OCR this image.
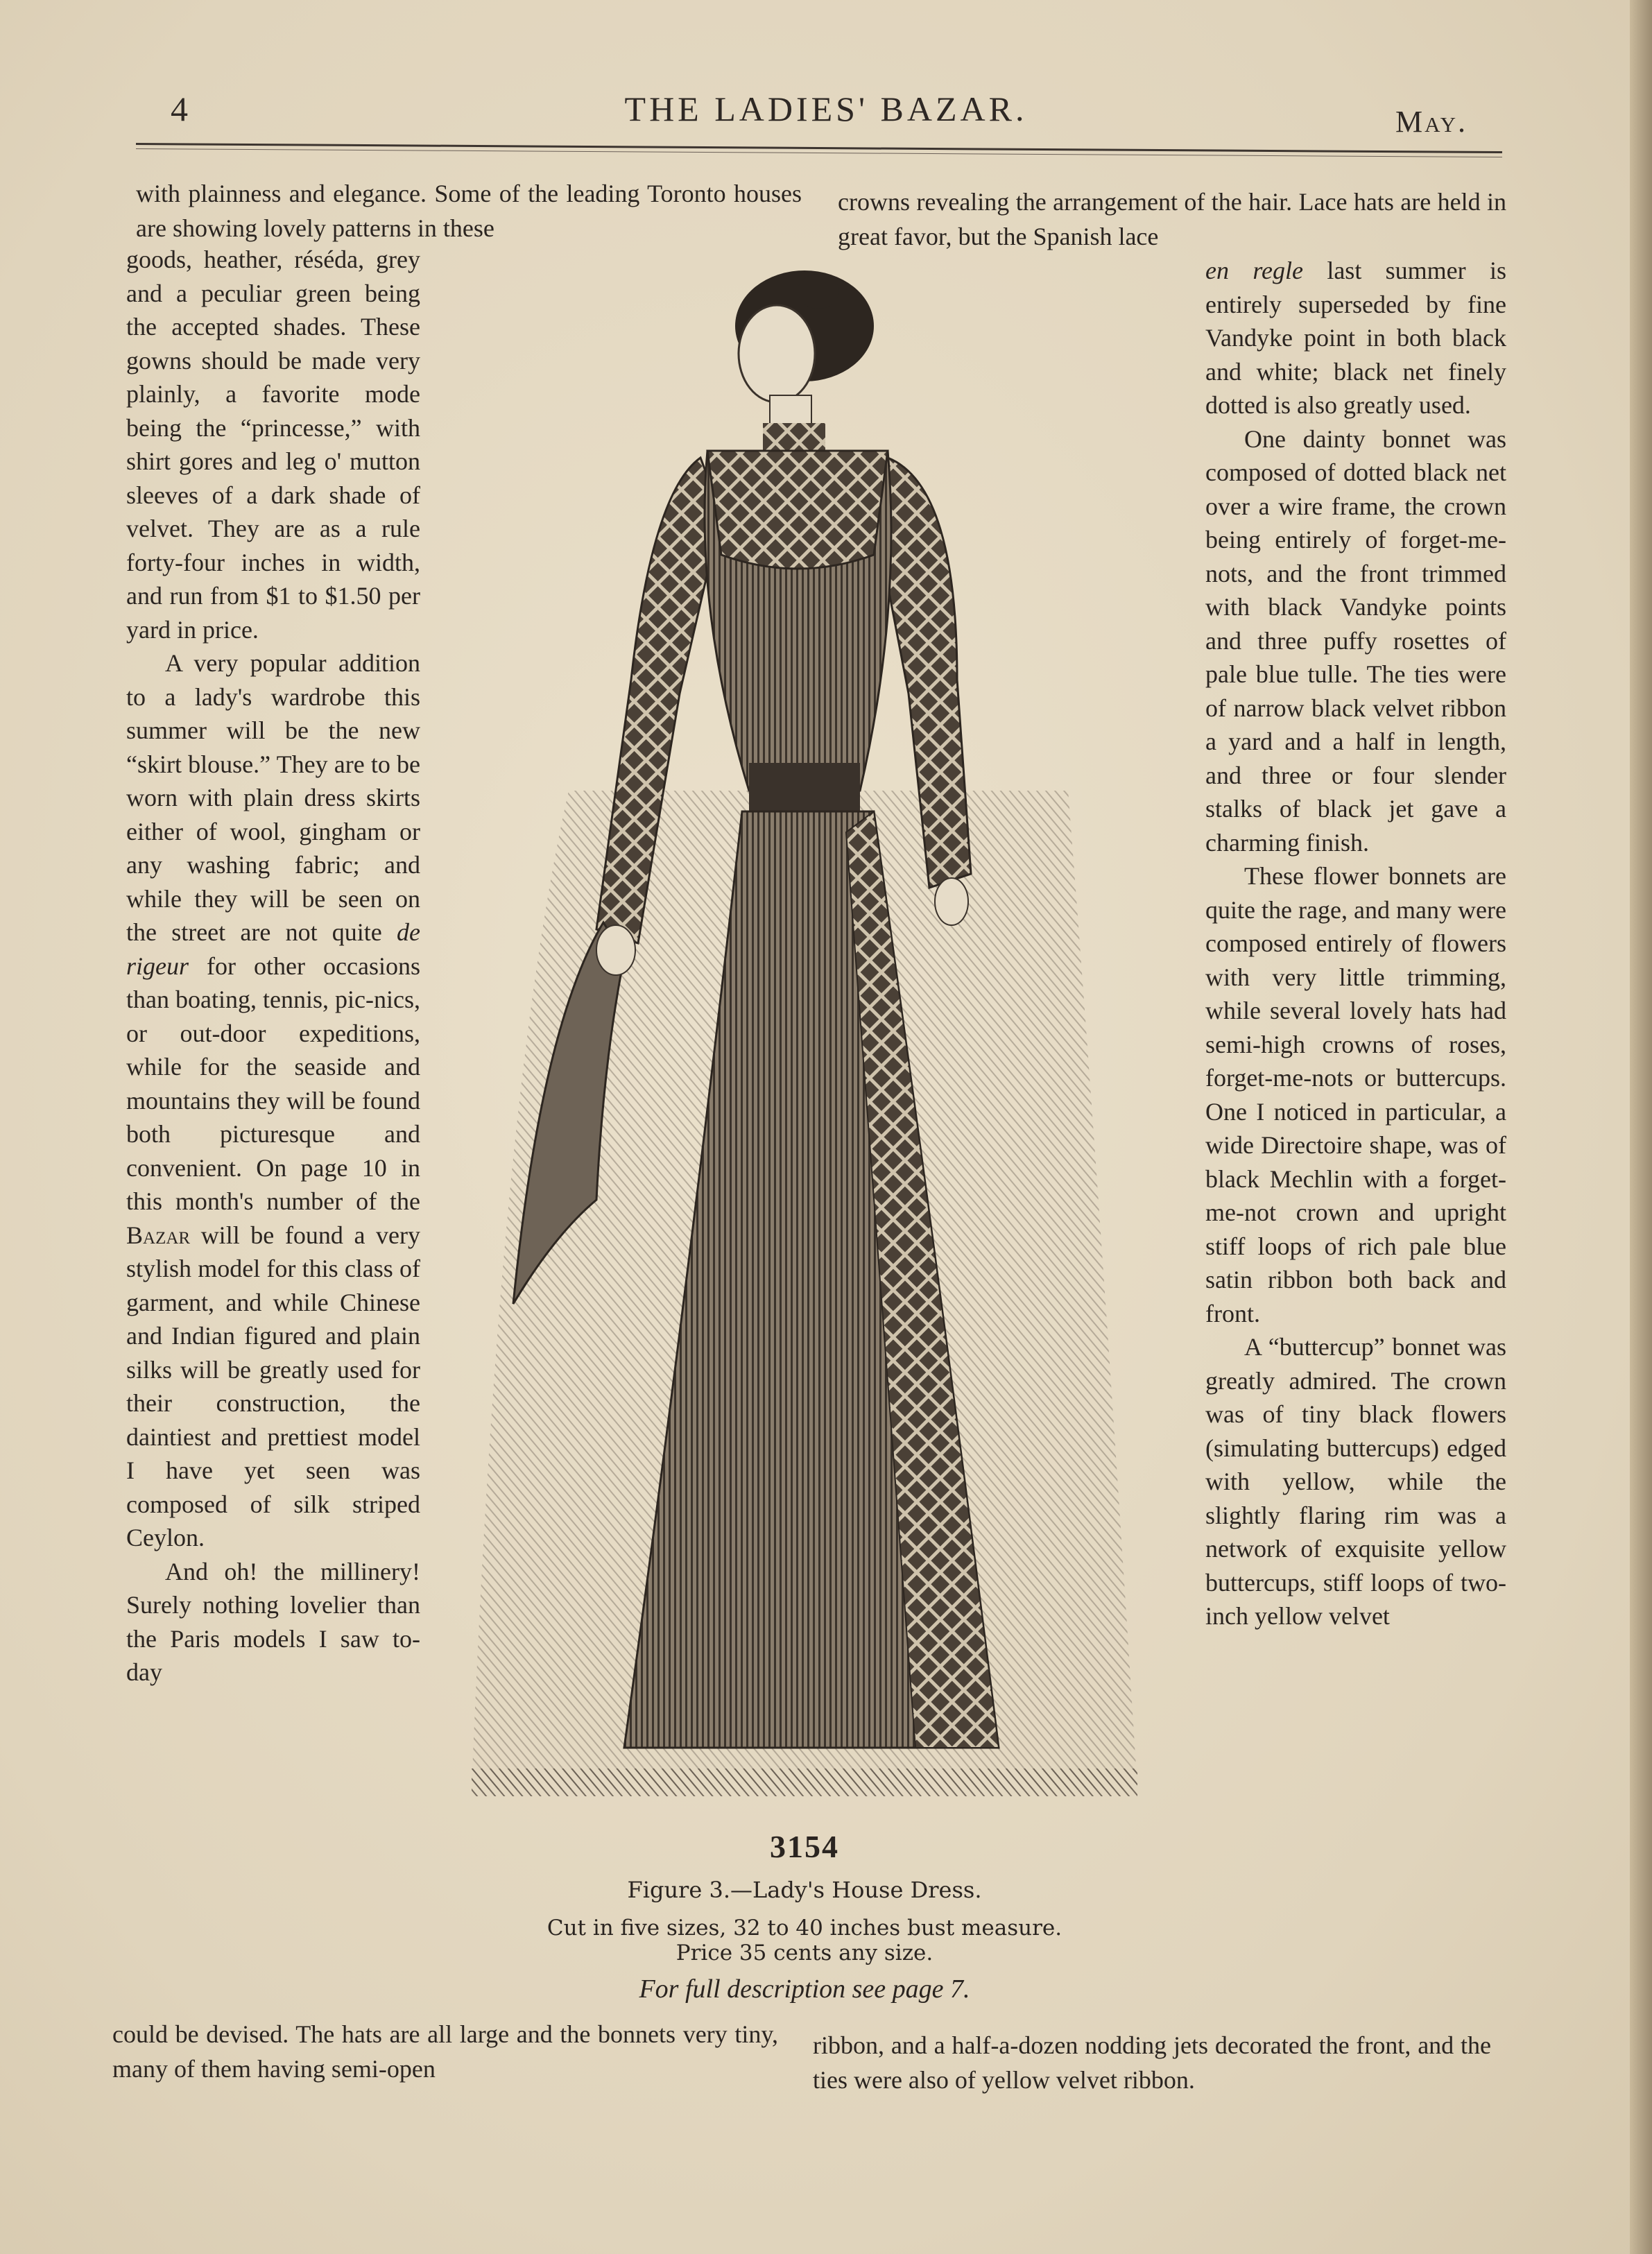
4	THE LADIES' BAZAR.	May.

with plainness and elegance. Some of the leading Toronto houses are showing lovely patterns in these

crowns revealing the arrangement of the hair. Lace hats are held in great favor, but the Spanish lace

goods, heather, réséda, grey and a peculiar green being the accepted shades. These gowns should be made very plainly, a favorite mode being the “princesse,” with shirt gores and leg o' mutton sleeves of a dark shade of velvet. They are as a rule forty-four inches in width, and run from $1 to $1.50 per yard in price.

A very popular addition to a lady's wardrobe this summer will be the new “skirt blouse.” They are to be worn with plain dress skirts either of wool, gingham or any washing fabric; and while they will be seen on the street are not quite de rigeur for other occasions than boating, tennis, pic-nics, or out-door expeditions, while for the seaside and mountains they will be found both picturesque and convenient. On page 10 in this month's number of the Bazar will be found a very stylish model for this class of garment, and while Chinese and Indian figured and plain silks will be greatly used for their construction, the daintiest and prettiest model I have yet seen was composed of silk striped Ceylon.

And oh! the millinery! Surely nothing lovelier than the Paris models I saw to-day

en regle last summer is entirely superseded by fine Vandyke point in both black and white; black net finely dotted is also greatly used.

One dainty bonnet was composed of dotted black net over a wire frame, the crown being entirely of forget-me-nots, and the front trimmed with black Vandyke points and three puffy rosettes of pale blue tulle. The ties were of narrow black velvet ribbon a yard and a half in length, and three or four slender stalks of black jet gave a charming finish.

These flower bonnets are quite the rage, and many were composed entirely of flowers with very little trimming, while several lovely hats had semi-high crowns of roses, forget-me-nots or buttercups. One I noticed in particular, a wide Directoire shape, was of black Mechlin with a forget-me-not crown and upright stiff loops of rich pale blue satin ribbon both back and front.

A “buttercup” bonnet was greatly admired. The crown was of tiny black flowers (simulating buttercups) edged with yellow, while the slightly flaring rim was a network of exquisite yellow buttercups, stiff loops of two-inch yellow velvet

3154
Figure 3.—Lady's House Dress.
Cut in five sizes, 32 to 40 inches bust measure.
Price 35 cents any size.
For full description see page 7.

could be devised. The hats are all large and the bonnets very tiny, many of them having semi-open

ribbon, and a half-a-dozen nodding jets decorated the front, and the ties were also of yellow velvet ribbon.
